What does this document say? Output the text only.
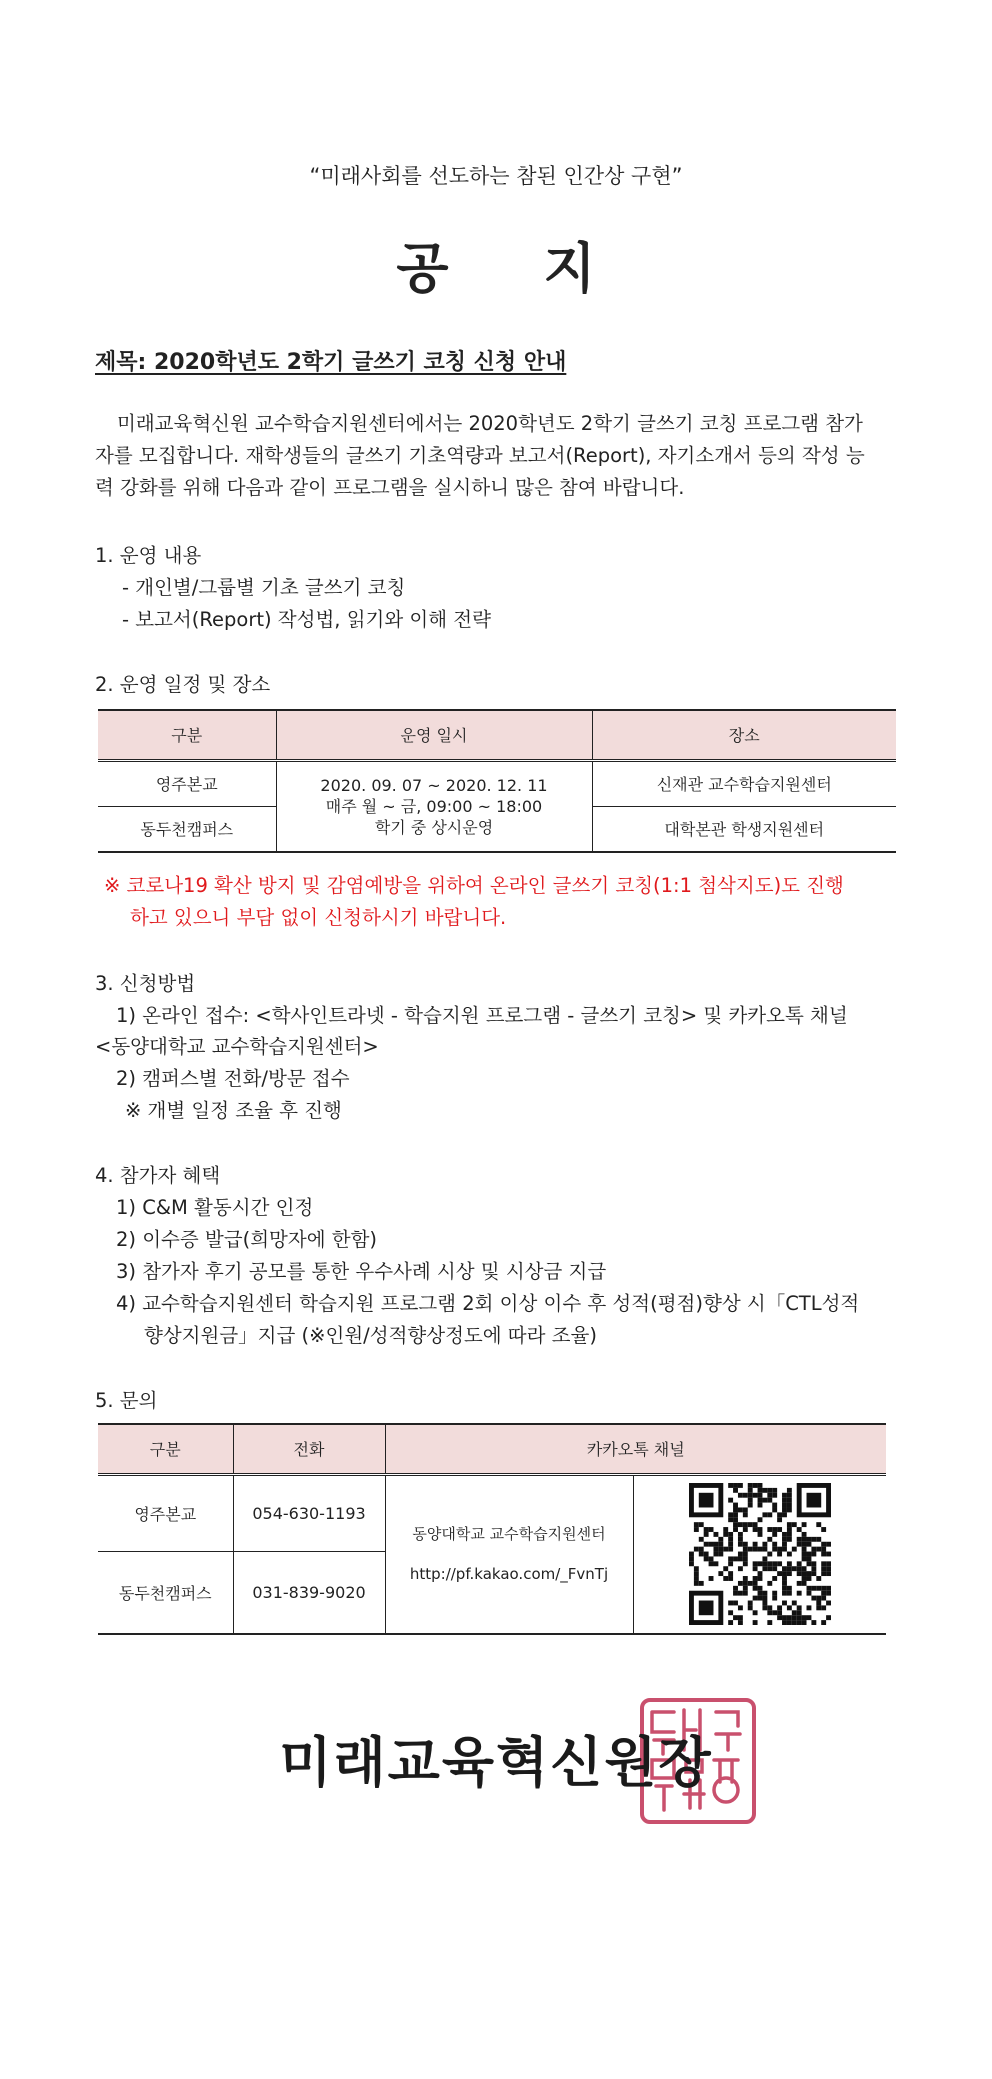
“미래사회를 선도하는 참된 인간상 구현”
공 지
제목: 2020학년도 2학기 글쓰기 코칭 신청 안내
미래교육혁신원 교수학습지원센터에서는 2020학년도 2학기 글쓰기 코칭 프로그램 참가
자를 모집합니다. 재학생들의 글쓰기 기초역량과 보고서(Report), 자기소개서 등의 작성 능
력 강화를 위해 다음과 같이 프로그램을 실시하니 많은 참여 바랍니다.
1. 운영 내용
- 개인별/그룹별 기초 글쓰기 코칭
- 보고서(Report) 작성법, 읽기와 이해 전략
2. 운영 일정 및 장소
구분	운영 일시	장소
영주본교	2020. 09. 07 ~ 2020. 12. 11
매주 월 ~ 금, 09:00 ~ 18:00
학기 중 상시운영	신재관 교수학습지원센터
동두천캠퍼스		대학본관 학생지원센터
※ 코로나19 확산 방지 및 감염예방을 위하여 온라인 글쓰기 코칭(1:1 첨삭지도)도 진행
하고 있으니 부담 없이 신청하시기 바랍니다.
3. 신청방법
1) 온라인 접수: <학사인트라넷 - 학습지원 프로그램 - 글쓰기 코칭> 및 카카오톡 채널
<동양대학교 교수학습지원센터>
2) 캠퍼스별 전화/방문 접수
※ 개별 일정 조율 후 진행
4. 참가자 혜택
1) C&M 활동시간 인정
2) 이수증 발급(희망자에 한함)
3) 참가자 후기 공모를 통한 우수사례 시상 및 시상금 지급
4) 교수학습지원센터 학습지원 프로그램 2회 이상 이수 후 성적(평점)향상 시「CTL성적
향상지원금」지급 (※인원/성적향상정도에 따라 조율)
5. 문의
구분	전화	카카오톡 채널	
영주본교	054-630-1193	동양대학교 교수학습지원센터
http://pf.kakao.com/_FvnTj

동두천캠퍼스	031-839-9020		
미래교육혁신원장
